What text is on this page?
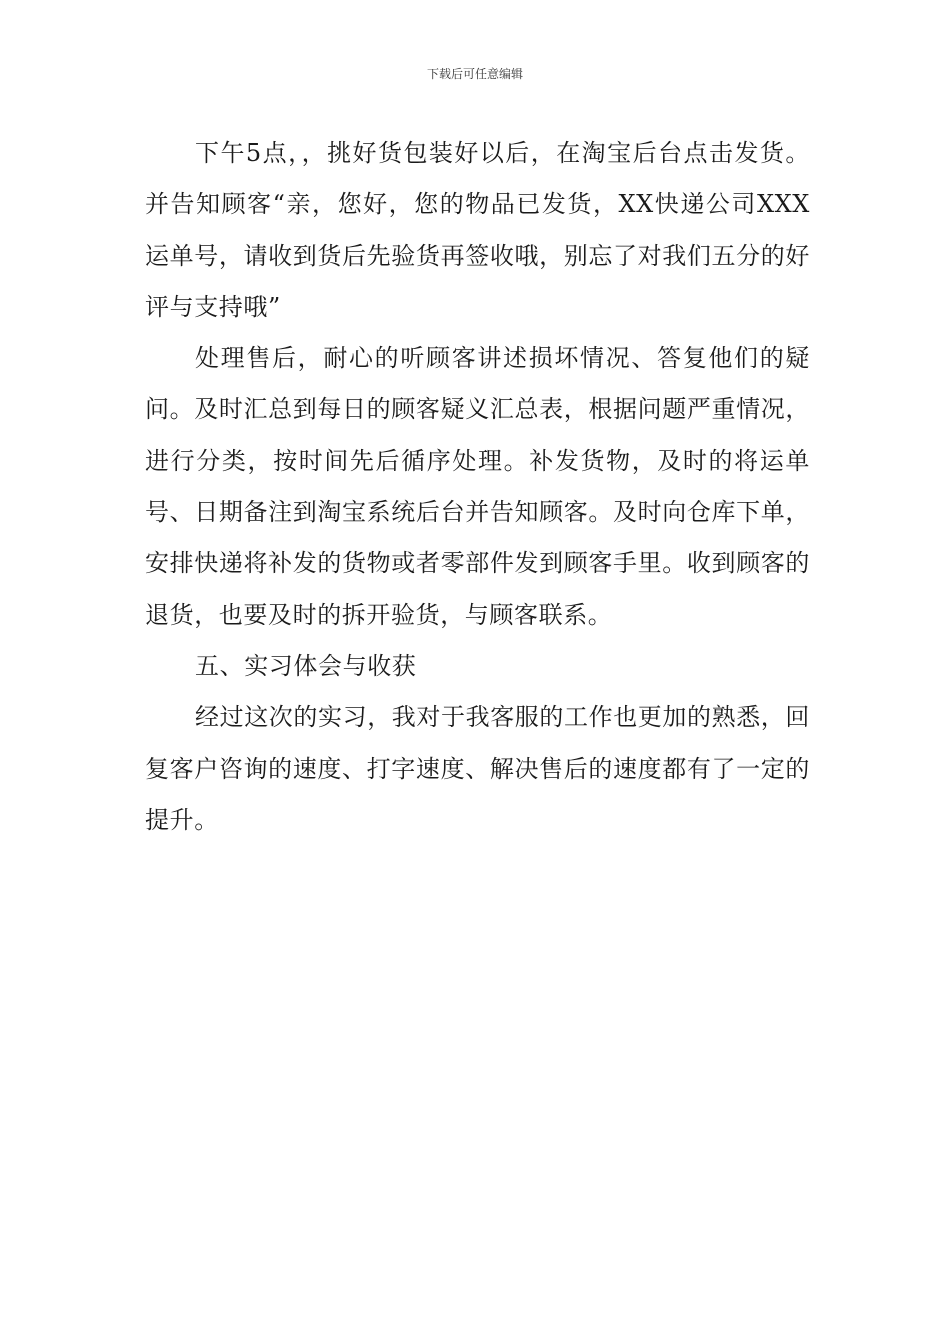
下载后可任意编辑

下午5点，，挑好货包装好以后，在淘宝后台点击发货。并告知顾客“亲，您好，您的物品已发货，XX快递公司XXX运单号，请收到货后先验货再签收哦，别忘了对我们五分的好评与支持哦”

处理售后，耐心的听顾客讲述损坏情况、答复他们的疑问。及时汇总到每日的顾客疑义汇总表，根据问题严重情况，进行分类，按时间先后循序处理。补发货物，及时的将运单号、日期备注到淘宝系统后台并告知顾客。及时向仓库下单，安排快递将补发的货物或者零部件发到顾客手里。收到顾客的退货，也要及时的拆开验货，与顾客联系。

五、实习体会与收获

经过这次的实习，我对于我客服的工作也更加的熟悉，回复客户咨询的速度、打字速度、解决售后的速度都有了一定的提升。
